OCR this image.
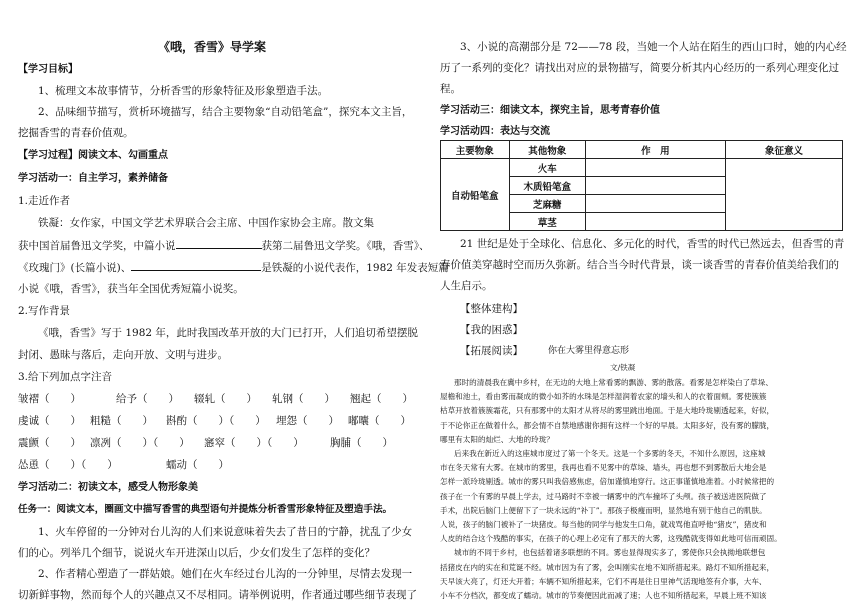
《哦，香雪》导学案
【学习目标】
1、梳理文本故事情节，分析香雪的形象特征及形象塑造手法。
2、品味细节描写，赏析环境描写，结合主要物象“自动铅笔盒”，探究本文主旨，
挖掘香雪的青春价值观。
【学习过程】阅读文本、勾画重点
学习活动一：自主学习，素养储备
1.走近作者
铁凝：女作家，中国文学艺术界联合会主席、中国作家协会主席。散文集
获中国首届鲁迅文学奖，中篇小说	获第二届鲁迅文学奖。《哦，香雪》、
《玫瑰门》(长篇小说)、	是铁凝的小说代表作，1982 年发表短篇
小说《哦，香雪》，获当年全国优秀短篇小说奖。
2.写作背景
《哦，香雪》写于 1982 年，此时我国改革开放的大门已打开，人们追切希望摆脱
封闭、愚昧与落后，走向开放、文明与进步。
3.给下列加点字注音
皱褶（　　）	给予（　　） 辍轧（　　） 轧钢（　　） 翘起（　　）
虔诚（　　） 粗糙（　　） 斟酌（　　）（　　） 埋怨（　　） 嘟囔（　　）
震颤（　　） 凛冽（　　）（　　） 窸窣（　　）（　　）	胸脯（　　）
怂恿（　　）（　　）	蠕动（　　）
学习活动二：初读文本，感受人物形象美
任务一：阅读文本，圈画文中描写香雪的典型语句并提炼分析香雪形象特征及塑造手法。
1、火车停留的一分钟对台儿沟的人们来说意味着失去了昔日的宁静，扰乱了少女
们的心。列举几个细节，说说火车开进深山以后，少女们发生了怎样的变化？
2、作者精心塑造了一群姑娘。她们在火车经过台儿沟的一分钟里，尽情去发现一
切新鲜事物，然而每个人的兴趣点又不尽相同。请举例说明，作者通过哪些细节表现了
3、小说的高潮部分是 72——78 段，当她一个人站在陌生的西山口时，她的内心经
历了一系列的变化？请找出对应的景物描写，简要分析其内心经历的一系列心理变化过
程。
学习活动三：细读文本，探究主旨，思考青春价值
学习活动四：表达与交流
主要物象	其他物象	作　用	象征意义
自动铅笔盒	火车		
	木质铅笔盒		
	芝麻糖		
	草茎		
21 世纪是处于全球化、信息化、多元化的时代，香雪的时代已然远去，但香雪的青
春价值美穿越时空而历久弥新。结合当今时代背景，谈一谈香雪的青春价值美给我们的
人生启示。
【整体建构】
【我的困惑】
【拓展阅读】	你在大雾里得意忘形
文/铁凝
那时的清晨我在冀中乡村，在无边的大地上常看雾的飘游、雾的散落。看雾是怎样染白了草垛、
屋檐和池土，看由雾而凝成的微小如芥的水珠是怎样湿润着农家的墙头和人的衣着面颊。雾使簇簇
枯草开放着簇簇霜花，只有那雾中的太阳才从将尽的雾里跳出地面。于是大地玲珑剔透起来，好似，
于不论你正在做着什么，都会情不自禁地感谢你拥有这样一个好的早晨。太阳多好，没有雾的朦胧，
哪里有太阳的灿烂、大地的玲珑？
后来我在新近入的这座城市度过了第一个冬天。这是一个多雾的冬天，不知什么原因，这座城
市在冬天常有大雾。在城市的雾里，我再也看不见雾中的草垛、墙头，再也想不到雾散后大地会是
怎样一派玲珑剔透。城市的雾只叫我倍感焦虑，倍加谨慎地穿行。这正事谨慎地准着。小时候常把的
孩子在一个有雾的早晨上学去，过马路时不幸被一辆雾中的汽车撞坏了头颅。孩子被送进医院做了
手术，出院后脑门上便留下了一块永远的“补丁”。那孩子极瘦而明，显然地有别于他自己的肌肤。
人说，孩子的脑门被补了一块猪皮。每当他的同学与他发生口角，就戏骂他直呼他“猪皮”，猪皮和
人皮的结合这个残酷的事实，在孩子的心理上必定有了那天的大雾，这残酷就变得如此地可信而顽固。
城市的不同于乡村，也包括着诸多联想的不同。雾也显得现实多了，雾使你只会执拗地联想包
括猪皮在内的实在和荒诞不经。城市因为有了雾，会叫刚实在地不知所措起来。路灯不知所措起来，
天早该大亮了，灯还大开着；车辆不知所措起来，它们不再是往日里神气活现地签有介事，大车、
小车不分档次，都变成了蠕动。城市的节奏便因此而减了速；人也不知所措起来，早晨上班不知该
